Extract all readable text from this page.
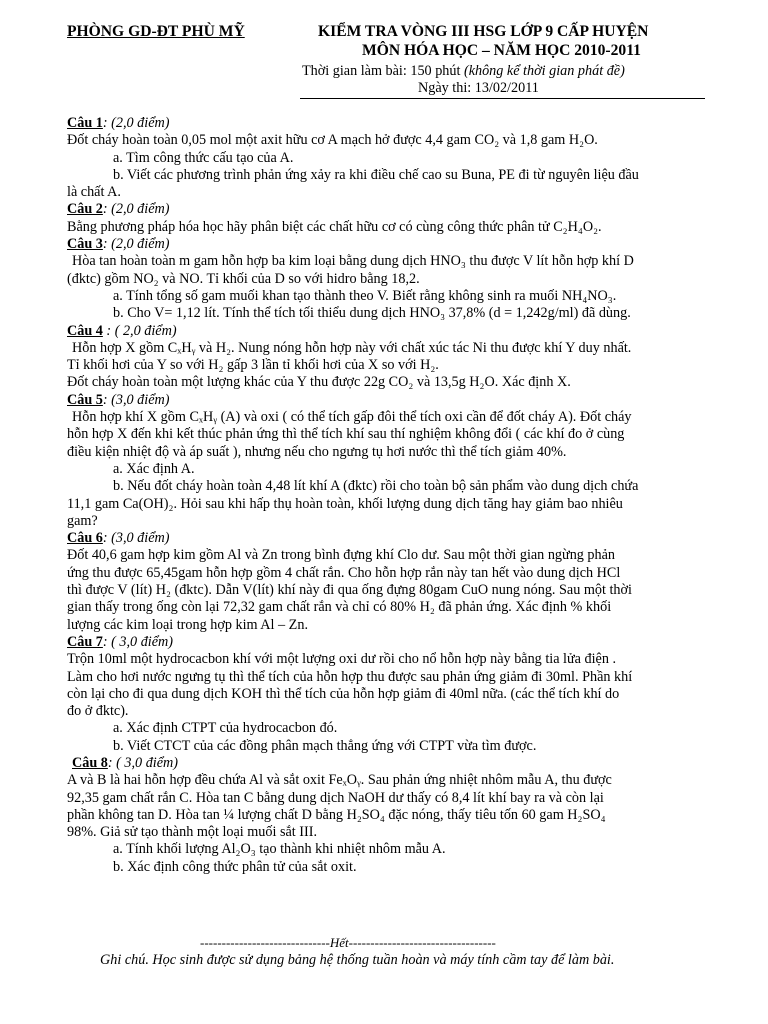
PHÒNG GD-ĐT PHÙ MỸ	KIỂM TRA VÒNG III HSG LỚP 9 CẤP HUYỆN
MÔN HÓA HỌC – NĂM HỌC 2010-2011
Thời gian làm bài: 150 phút (không kể thời gian phát đề)
Ngày thi: 13/02/2011

Câu 1: (2,0 điểm)

Đốt cháy hoàn toàn 0,05 mol một axit hữu cơ A mạch hở được 4,4 gam CO₂ và 1,8 gam H₂O.

a. Tìm công thức cấu tạo của A.

b. Viết các phương trình phản ứng xảy ra khi điều chế cao su Buna, PE đi từ nguyên liệu đầu

là chất A.

Câu 2: (2,0 điểm)

Bằng phương pháp hóa học hãy phân biệt các chất hữu cơ có cùng công thức phân tử C₂H₄O₂.

Câu 3: (2,0 điểm)

Hòa tan hoàn toàn m gam hỗn hợp ba kim loại bằng dung dịch HNO₃ thu được V lít hỗn hợp khí D

(đktc) gồm NO₂ và NO. Tỉ khối của D so với hidro bằng 18,2.

a. Tính tổng số gam muối khan tạo thành theo V. Biết rằng không sinh ra muối NH₄NO₃.

b. Cho V= 1,12 lít. Tính thể tích tối thiểu dung dịch HNO₃ 37,8% (d = 1,242g/ml) đã dùng.

Câu 4 : ( 2,0 điểm)

Hỗn hợp X gồm CₓHᵧ và H₂. Nung nóng hỗn hợp này với chất xúc tác Ni thu được khí Y duy nhất.

Tỉ khối hơi của Y so với H₂ gấp 3 lần tỉ khối hơi của X so với H₂.

Đốt cháy hoàn toàn một lượng khác của Y thu được 22g CO₂ và 13,5g H₂O. Xác định X.

Câu 5: (3,0 điểm)

Hỗn hợp khí X gồm CₓHᵧ (A) và oxi ( có thể tích gấp đôi thể tích oxi cần để đốt cháy A). Đốt cháy

hỗn hợp X đến khi kết thúc phản ứng thì thể tích khí sau thí nghiệm không đổi ( các khí đo ở cùng

điều kiện nhiệt độ và áp suất ), nhưng nếu cho ngưng tụ hơi nước thì thể tích giảm 40%.

a. Xác định A.

b. Nếu đốt cháy hoàn toàn 4,48 lít khí A (đktc) rồi cho toàn bộ sản phẩm vào dung dịch chứa

11,1 gam Ca(OH)₂. Hỏi sau khi hấp thụ hoàn toàn, khối lượng dung dịch tăng hay giảm bao nhiêu

gam?

Câu 6: (3,0 điểm)

Đốt 40,6 gam hợp kim gồm Al và Zn trong bình đựng khí Clo dư. Sau một thời gian ngừng phản

ứng thu được 65,45gam hỗn hợp gồm 4 chất rắn. Cho hỗn hợp rắn này tan hết vào dung dịch HCl

thì được V (lít) H₂ (đktc). Dẫn V(lít) khí này đi qua ống đựng 80gam CuO nung nóng. Sau một thời

gian thấy trong ống còn lại 72,32 gam chất rắn và chỉ có 80% H₂ đã phản ứng. Xác định % khối

lượng các kim loại trong hợp kim Al – Zn.

Câu 7: ( 3,0 điểm)

Trộn 10ml một hydrocacbon khí với một lượng oxi dư rồi cho nổ hỗn hợp này bằng tia lửa điện .

Làm cho hơi nước ngưng tụ thì thể tích của hỗn hợp thu được sau phản ứng giảm đi 30ml. Phần khí

còn lại cho đi qua dung dịch KOH thì thể tích của hỗn hợp giảm đi 40ml nữa. (các thể tích khí do

đo ở đktc).

a. Xác định CTPT của hydrocacbon đó.

b. Viết CTCT của các đồng phân mạch thẳng ứng với CTPT vừa tìm được.

Câu 8: ( 3,0 điểm)

A và B là hai hỗn hợp đều chứa Al và sắt oxit FeₓOᵧ. Sau phản ứng nhiệt nhôm mẫu A, thu được

92,35 gam chất rắn C. Hòa tan C bằng dung dịch NaOH dư thấy có 8,4 lít khí bay ra và còn lại

phần không tan D. Hòa tan ¼ lượng chất D bằng H₂SO₄ đặc nóng, thấy tiêu tốn 60 gam H₂SO₄

98%. Giả sử tạo thành một loại muối sắt III.

a. Tính khối lượng Al₂O₃ tạo thành khi nhiệt nhôm mẫu A.

b. Xác định công thức phân tử của sắt oxit.

------------------------------Hết----------------------------------
Ghi chú. Học sinh được sử dụng bảng hệ thống tuần hoàn và máy tính cầm tay để làm bài.
